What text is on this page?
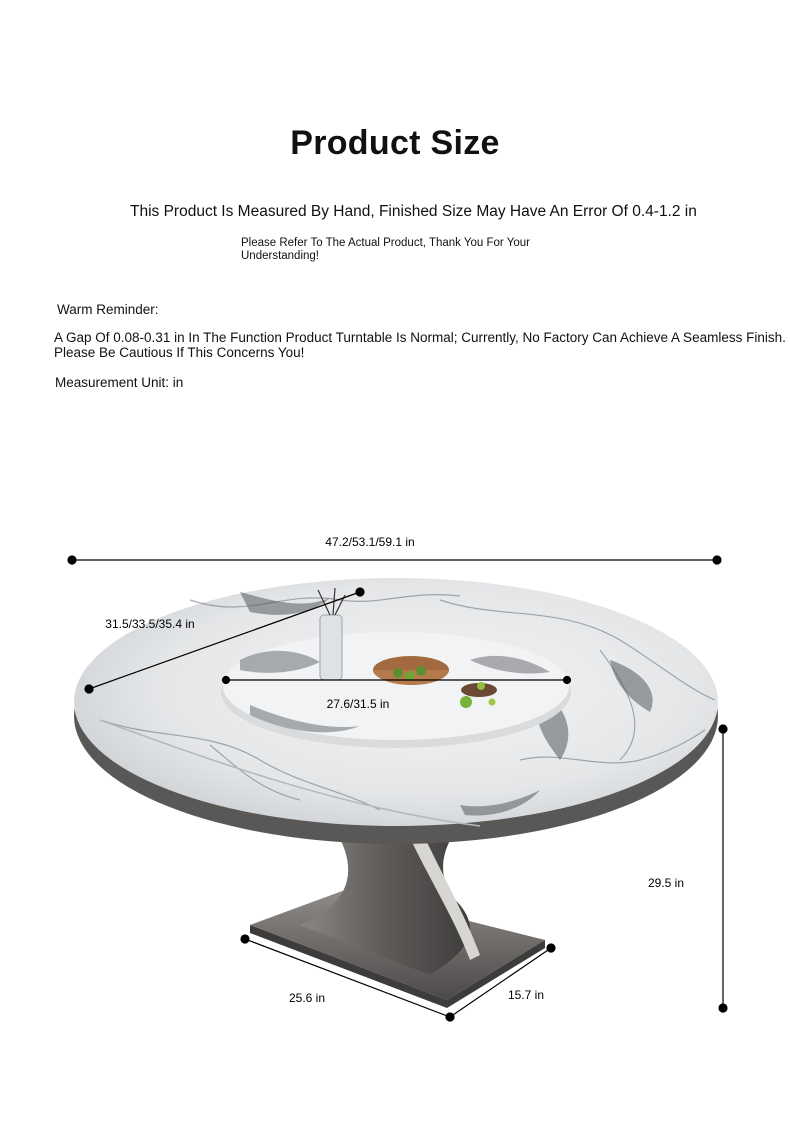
Product Size
This Product Is Measured By Hand, Finished Size May Have An Error Of 0.4-1.2 in
Please Refer To The Actual Product, Thank You For Your Understanding!
Warm Reminder:
A Gap Of 0.08-0.31 in In The Function Product Turntable Is Normal; Currently, No Factory Can Achieve A Seamless Finish.
Please Be Cautious If This Concerns You!
Measurement Unit: in
47.2/53.1/59.1 in
31.5/33.5/35.4 in
27.6/31.5 in
29.5 in
25.6 in	15.7 in
